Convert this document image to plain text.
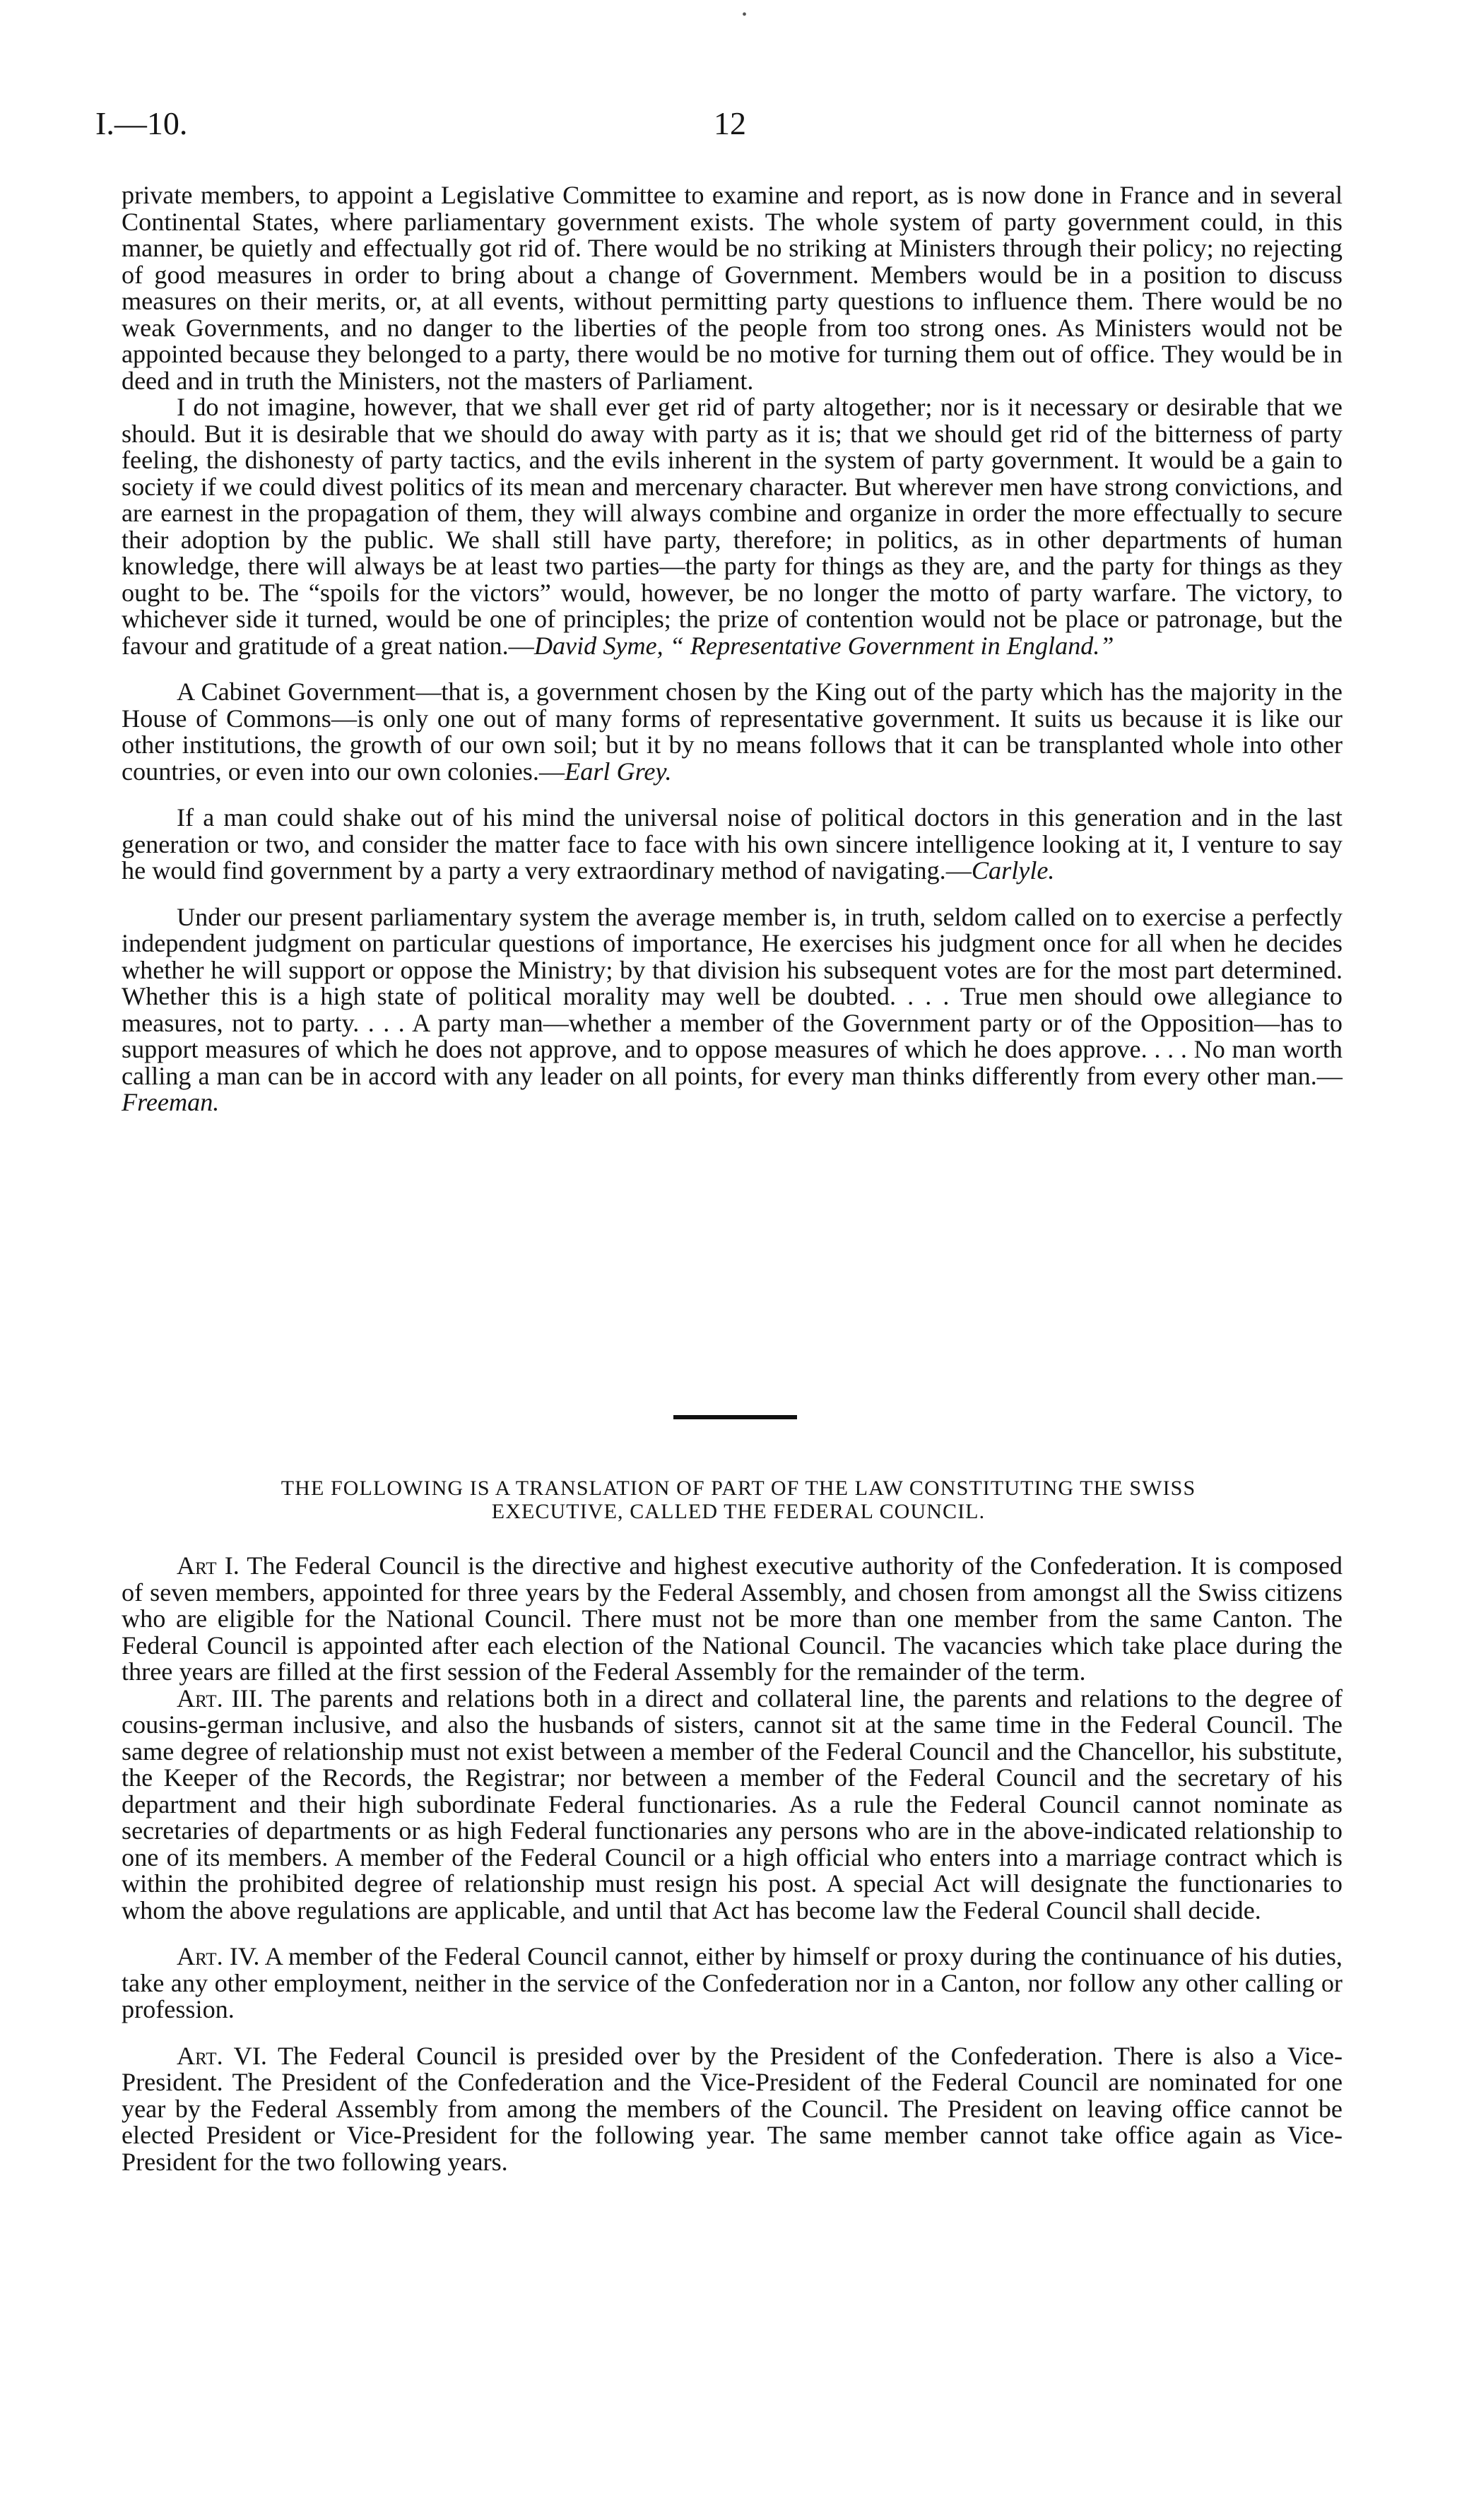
•
I.—10.	12

private members, to appoint a Legislative Committee to examine and report, as is now done in France and in several Continental States, where parliamentary government exists. The whole system of party government could, in this manner, be quietly and effectually got rid of. There would be no striking at Ministers through their policy; no rejecting of good measures in order to bring about a change of Government. Members would be in a position to discuss measures on their merits, or, at all events, without permitting party questions to influence them. There would be no weak Governments, and no danger to the liberties of the people from too strong ones. As Ministers would not be appointed because they belonged to a party, there would be no motive for turning them out of office. They would be in deed and in truth the Ministers, not the masters of Parliament.

I do not imagine, however, that we shall ever get rid of party altogether; nor is it necessary or desirable that we should. But it is desirable that we should do away with party as it is; that we should get rid of the bitterness of party feeling, the dishonesty of party tactics, and the evils inherent in the system of party government. It would be a gain to society if we could divest politics of its mean and mercenary character. But wherever men have strong convictions, and are earnest in the propagation of them, they will always combine and organize in order the more effectually to secure their adoption by the public. We shall still have party, therefore; in politics, as in other departments of human knowledge, there will always be at least two parties—the party for things as they are, and the party for things as they ought to be. The “spoils for the victors” would, however, be no longer the motto of party warfare. The victory, to whichever side it turned, would be one of principles; the prize of contention would not be place or patronage, but the favour and gratitude of a great nation.—David Syme, “ Representative Government in England.”

A Cabinet Government—that is, a government chosen by the King out of the party which has the majority in the House of Commons—is only one out of many forms of representative government. It suits us because it is like our other institutions, the growth of our own soil; but it by no means follows that it can be transplanted whole into other countries, or even into our own colonies.—Earl Grey.

If a man could shake out of his mind the universal noise of political doctors in this generation and in the last generation or two, and consider the matter face to face with his own sincere intelligence looking at it, I venture to say he would find government by a party a very extraordinary method of navigating.—Carlyle.

Under our present parliamentary system the average member is, in truth, seldom called on to exercise a perfectly independent judgment on particular questions of importance, He exercises his judgment once for all when he decides whether he will support or oppose the Ministry; by that division his subsequent votes are for the most part determined. Whether this is a high state of political morality may well be doubted. . . . True men should owe allegiance to measures, not to party. . . . A party man—whether a member of the Government party or of the Opposition—has to support measures of which he does not approve, and to oppose measures of which he does approve. . . . No man worth calling a man can be in accord with any leader on all points, for every man thinks differently from every other man.—Freeman.

THE FOLLOWING IS A TRANSLATION OF PART OF THE LAW CONSTITUTING THE SWISS
EXECUTIVE, CALLED THE FEDERAL COUNCIL.

Art I. The Federal Council is the directive and highest executive authority of the Confederation. It is composed of seven members, appointed for three years by the Federal Assembly, and chosen from amongst all the Swiss citizens who are eligible for the National Council. There must not be more than one member from the same Canton. The Federal Council is appointed after each election of the National Council. The vacancies which take place during the three years are filled at the first session of the Federal Assembly for the remainder of the term.

Art. III. The parents and relations both in a direct and collateral line, the parents and relations to the degree of cousins-german inclusive, and also the husbands of sisters, cannot sit at the same time in the Federal Council. The same degree of relationship must not exist between a member of the Federal Council and the Chancellor, his substitute, the Keeper of the Records, the Registrar; nor between a member of the Federal Council and the secretary of his department and their high subordinate Federal functionaries. As a rule the Federal Council cannot nominate as secretaries of departments or as high Federal functionaries any persons who are in the above-indicated relationship to one of its members. A member of the Federal Council or a high official who enters into a marriage contract which is within the prohibited degree of relationship must resign his post. A special Act will designate the functionaries to whom the above regulations are applicable, and until that Act has become law the Federal Council shall decide.

Art. IV. A member of the Federal Council cannot, either by himself or proxy during the continuance of his duties, take any other employment, neither in the service of the Confederation nor in a Canton, nor follow any other calling or profession.

Art. VI. The Federal Council is presided over by the President of the Confederation. There is also a Vice-President. The President of the Confederation and the Vice-President of the Federal Council are nominated for one year by the Federal Assembly from among the members of the Council. The President on leaving office cannot be elected President or Vice-President for the following year. The same member cannot take office again as Vice-President for the two following years.
